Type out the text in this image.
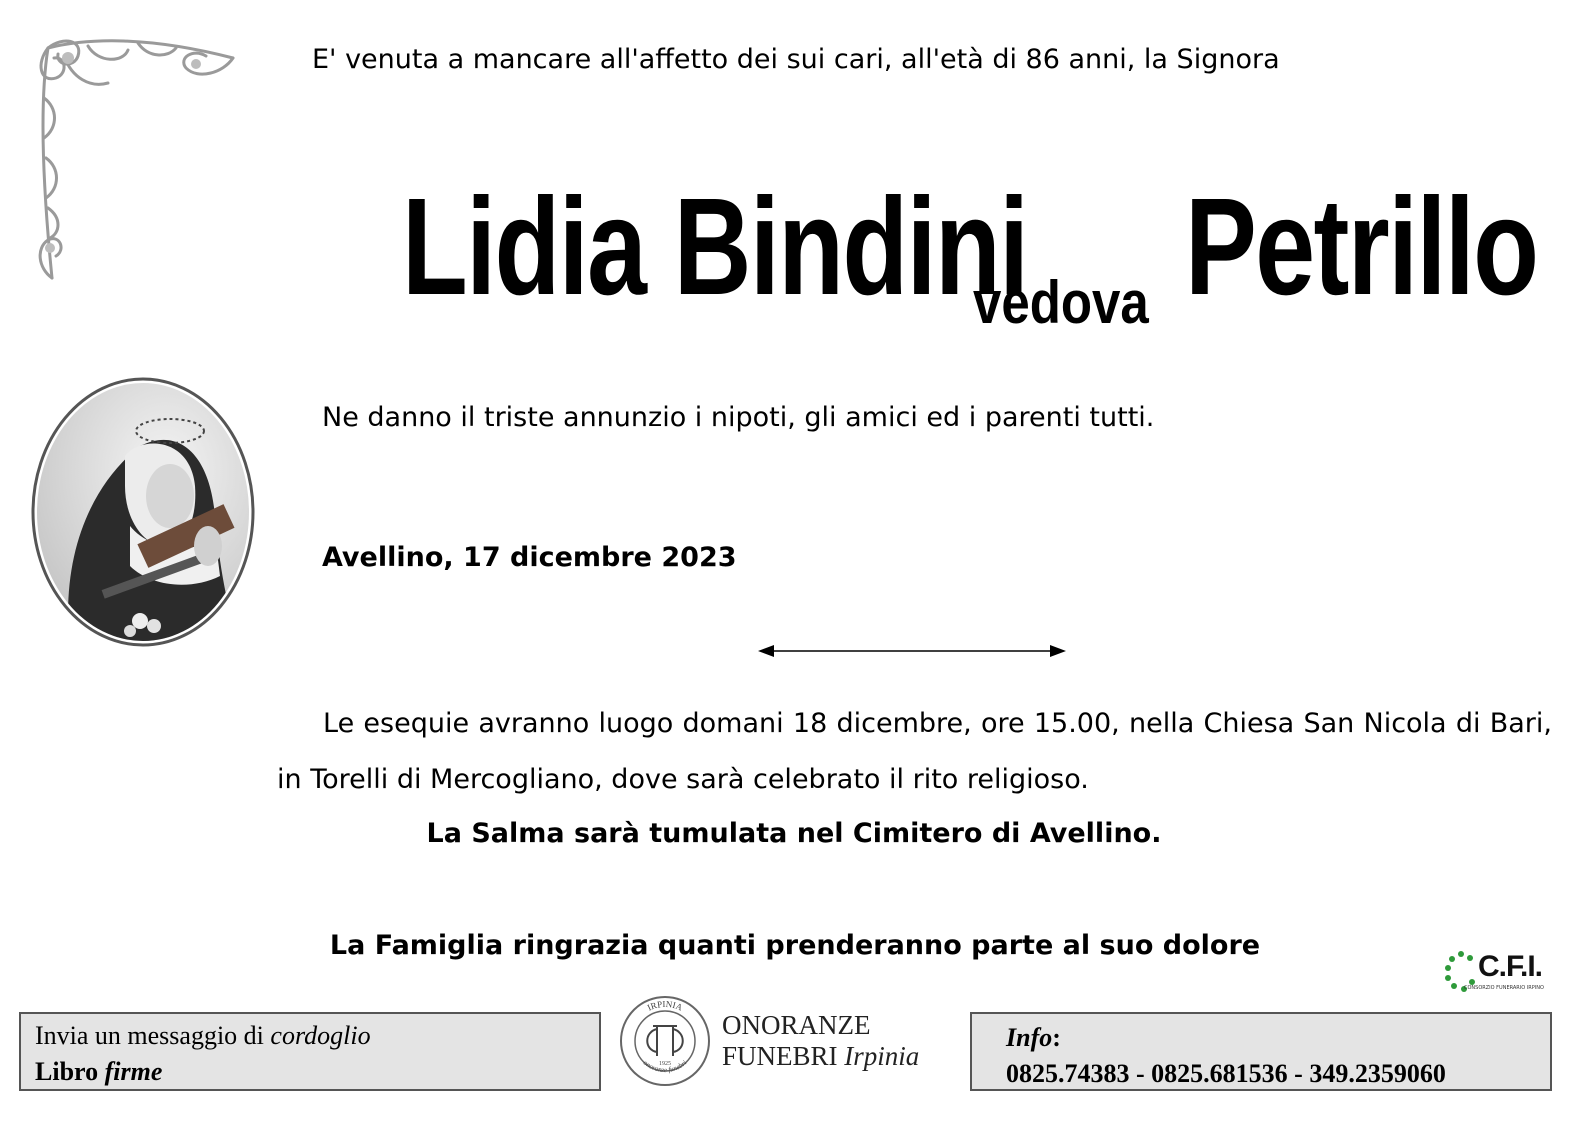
E' venuta a mancare all'affetto dei sui cari, all'età di 86 anni, la Signora
Lidia Bindini
vedova Petrillo
Ne danno il triste annunzio i nipoti, gli amici ed i parenti tutti.
Avellino, 17 dicembre 2023
Le esequie avranno luogo domani 18 dicembre, ore 15.00, nella Chiesa San Nicola di Bari, in Torelli di Mercogliano, dove sarà celebrato il rito religioso.
La Salma sarà tumulata nel Cimitero di Avellino.
La Famiglia ringrazia quanti prenderanno parte al suo dolore
C.F.I.
CONSORZIO FUNERARIO IRPINO
Invia un messaggio di cordoglio
Libro firme
IRPINIA
onoranze funebri
1925
ONORANZE
FUNEBRI Irpinia
Info:
0825.74383 - 0825.681536 - 349.2359060
